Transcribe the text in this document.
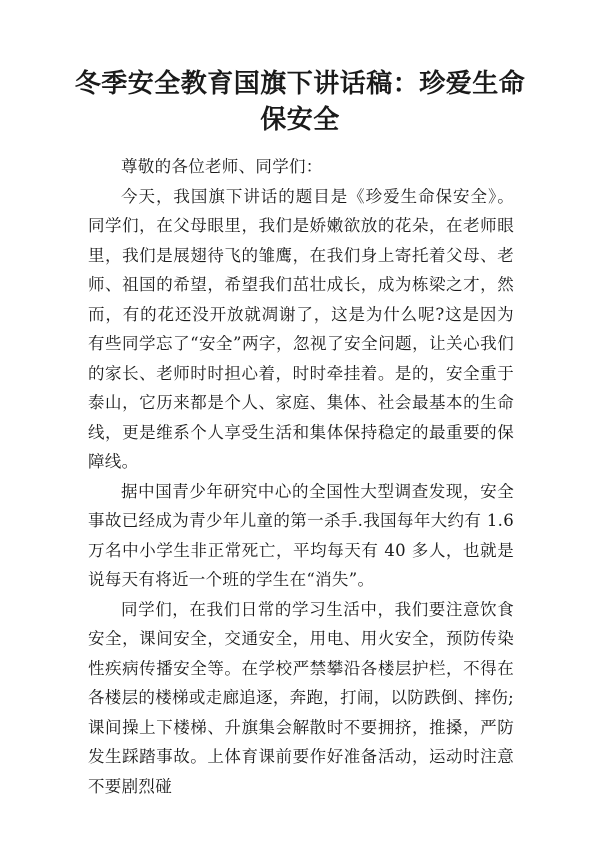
冬季安全教育国旗下讲话稿：珍爱生命保安全

尊敬的各位老师、同学们：

今天，我国旗下讲话的题目是《珍爱生命保安全》。同学们，在父母眼里，我们是娇嫩欲放的花朵，在老师眼里，我们是展翅待飞的雏鹰，在我们身上寄托着父母、老师、祖国的希望，希望我们茁壮成长，成为栋梁之才，然而，有的花还没开放就凋谢了，这是为什么呢?这是因为有些同学忘了“安全”两字，忽视了安全问题，让关心我们的家长、老师时时担心着，时时牵挂着。是的，安全重于泰山，它历来都是个人、家庭、集体、社会最基本的生命线，更是维系个人享受生活和集体保持稳定的最重要的保障线。

据中国青少年研究中心的全国性大型调查发现，安全事故已经成为青少年儿童的第一杀手.我国每年大约有 1.6 万名中小学生非正常死亡，平均每天有 40 多人，也就是说每天有将近一个班的学生在“消失”。

同学们，在我们日常的学习生活中，我们要注意饮食安全，课间安全，交通安全，用电、用火安全，预防传染性疾病传播安全等。在学校严禁攀沿各楼层护栏，不得在各楼层的楼梯或走廊追逐，奔跑，打闹，以防跌倒、摔伤;课间操上下楼梯、升旗集会解散时不要拥挤，推搡，严防发生踩踏事故。上体育课前要作好准备活动，运动时注意不要剧烈碰
